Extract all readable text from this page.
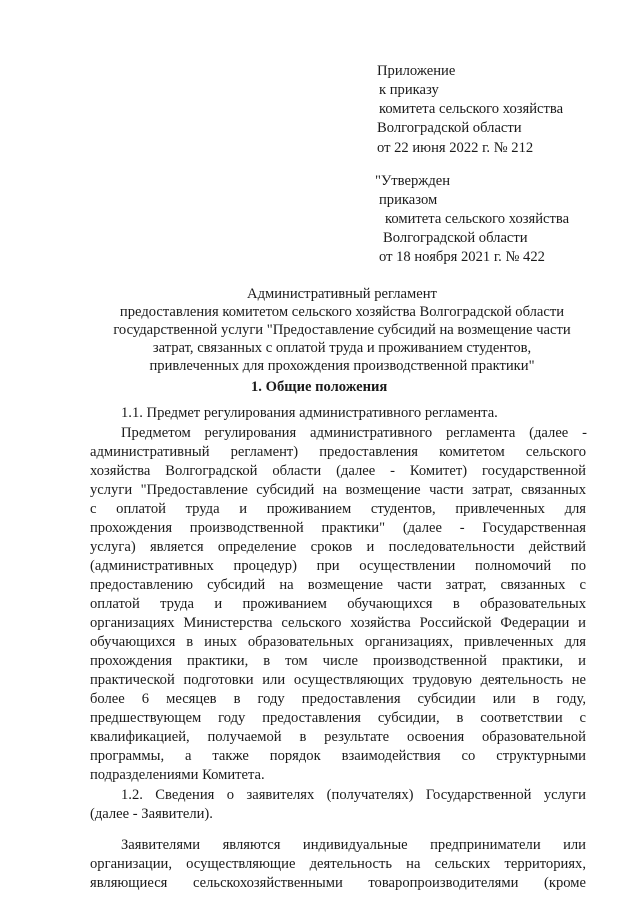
Приложение
к приказу
комитета сельского хозяйства
Волгоградской области
от 22 июня 2022 г. № 212
"Утвержден
приказом
комитета сельского хозяйства
Волгоградской области
от 18 ноября 2021 г. № 422
Административный регламент
предоставления комитетом сельского хозяйства Волгоградской области
государственной услуги "Предоставление субсидий на возмещение части
затрат, связанных с оплатой труда и проживанием студентов,
привлеченных для прохождения производственной практики"
1. Общие положения
1.1. Предмет регулирования административного регламента.
Предметом регулирования административного регламента (далее -
административный регламент) предоставления комитетом сельского
хозяйства Волгоградской области (далее - Комитет) государственной
услуги "Предоставление субсидий на возмещение части затрат, связанных
с оплатой труда и проживанием студентов, привлеченных для
прохождения производственной практики" (далее - Государственная
услуга) является определение сроков и последовательности действий
(административных процедур) при осуществлении полномочий по
предоставлению субсидий на возмещение части затрат, связанных с
оплатой труда и проживанием обучающихся в образовательных
организациях Министерства сельского хозяйства Российской Федерации и
обучающихся в иных образовательных организациях, привлеченных для
прохождения практики, в том числе производственной практики, и
практической подготовки или осуществляющих трудовую деятельность не
более 6 месяцев в году предоставления субсидии или в году,
предшествующем году предоставления субсидии, в соответствии с
квалификацией, получаемой в результате освоения образовательной
программы, а также порядок взаимодействия со структурными
подразделениями Комитета.
1.2. Сведения о заявителях (получателях) Государственной услуги
(далее - Заявители).
Заявителями являются индивидуальные предприниматели или
организации, осуществляющие деятельность на сельских территориях,
являющиеся сельскохозяйственными товаропроизводителями (кроме
